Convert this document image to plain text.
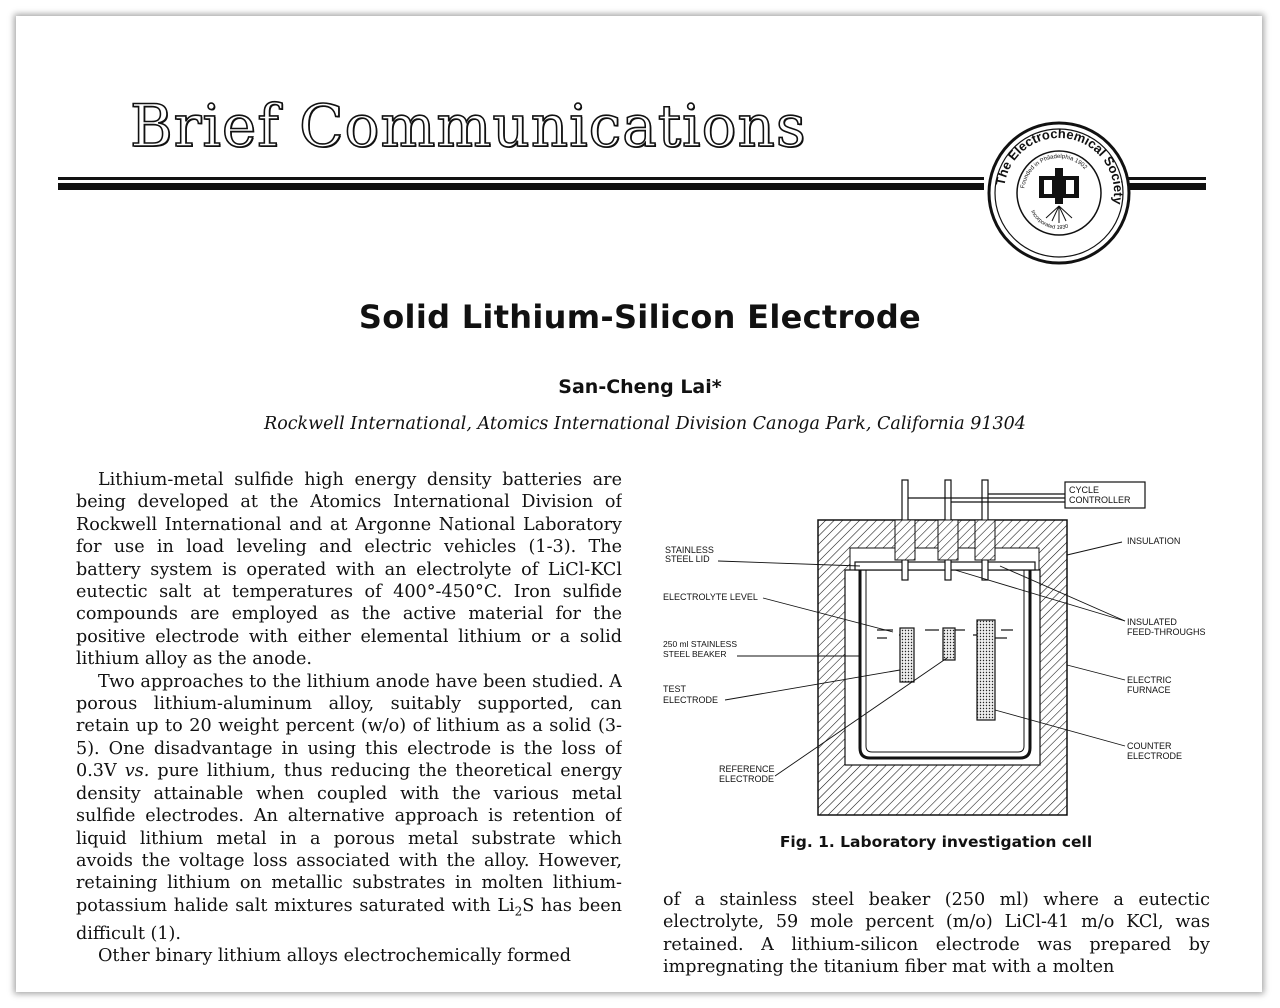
Brief Communications
The Electrochemical Society
Founded in Philadelphia 1902
Incorporated 1930
Solid Lithium-Silicon Electrode
San-Cheng Lai*
Rockwell International, Atomics International Division Canoga Park, California 91304

Lithium-metal sulfide high energy density batteries are being developed at the Atomics International Division of Rockwell International and at Argonne National Laboratory for use in load leveling and electric vehicles (1-3). The battery system is operated with an electrolyte of LiCl-KCl eutectic salt at temperatures of 400°-450°C. Iron sulfide compounds are employed as the active material for the positive electrode with either elemental lithium or a solid lithium alloy as the anode.

Two approaches to the lithium anode have been studied. A porous lithium-aluminum alloy, suitably supported, can retain up to 20 weight percent (w/o) of lithium as a solid (3-5). One disadvantage in using this electrode is the loss of 0.3V vs. pure lithium, thus reducing the theoretical energy density attainable when coupled with the various metal sulfide electrodes. An alternative approach is retention of liquid lithium metal in a porous metal substrate which avoids the voltage loss associated with the alloy. However, retaining lithium on metallic substrates in molten lithium-potassium halide salt mixtures saturated with $Li_2S$ has been difficult (1).

Other binary lithium alloys electrochemically formed

CYCLE
CONTROLLER
INSULATION
STAINLESS
STEEL LID
ELECTROLYTE LEVEL
INSULATED
FEED-THROUGHS
250 ml STAINLESS
STEEL BEAKER
ELECTRIC
FURNACE
TEST
ELECTRODE
COUNTER
ELECTRODE
REFERENCE
ELECTRODE
Fig. 1. Laboratory investigation cell

of a stainless steel beaker (250 ml) where a eutectic electrolyte, 59 mole percent (m/o) LiCl-41 m/o KCl, was retained. A lithium-silicon electrode was prepared by impregnating the titanium fiber mat with a molten
